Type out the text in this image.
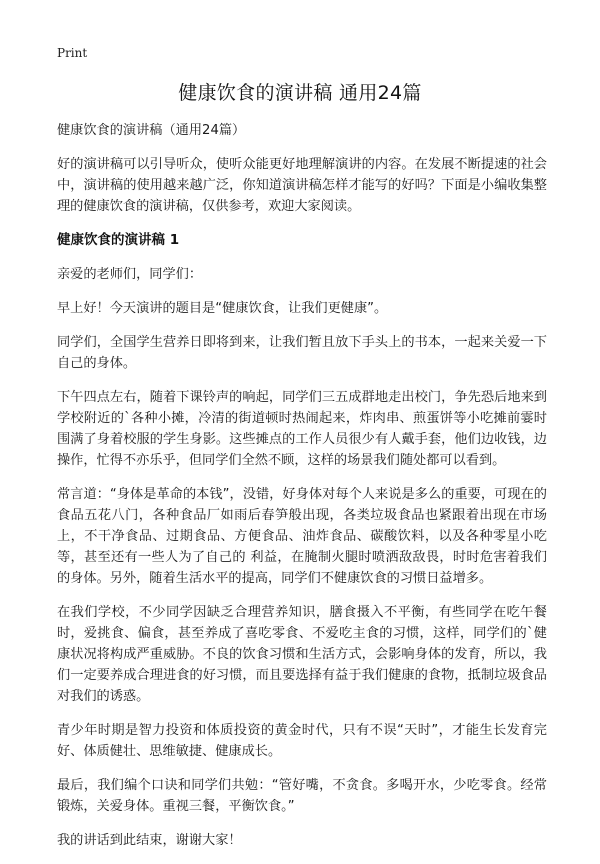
Print
健康饮食的演讲稿 通用24篇

健康饮食的演讲稿（通用24篇）

好的演讲稿可以引导听众，使听众能更好地理解演讲的内容。在发展不断提速的社会中，演讲稿的使用越来越广泛，你知道演讲稿怎样才能写的好吗？下面是小编收集整理的健康饮食的演讲稿，仅供参考，欢迎大家阅读。

健康饮食的演讲稿 1

亲爱的老师们，同学们：

早上好！今天演讲的题目是“健康饮食，让我们更健康”。

同学们，全国学生营养日即将到来，让我们暂且放下手头上的书本，一起来关爱一下自己的身体。

下午四点左右，随着下课铃声的响起，同学们三五成群地走出校门，争先恐后地来到学校附近的`各种小摊，冷清的街道顿时热闹起来，炸肉串、煎蛋饼等小吃摊前霎时围满了身着校服的学生身影。这些摊点的工作人员很少有人戴手套，他们边收钱，边操作，忙得不亦乐乎，但同学们全然不顾，这样的场景我们随处都可以看到。

常言道：“身体是革命的本钱”，没错，好身体对每个人来说是多么的重要，可现在的食品五花八门，各种食品厂如雨后春笋般出现，各类垃圾食品也紧跟着出现在市场上，不干净食品、过期食品、方便食品、油炸食品、碳酸饮料，以及各种零星小吃等，甚至还有一些人为了自己的 利益，在腌制火腿时喷洒敌敌畏，时时危害着我们的身体。另外，随着生活水平的提高，同学们不健康饮食的习惯日益增多。

在我们学校，不少同学因缺乏合理营养知识，膳食摄入不平衡，有些同学在吃午餐时，爱挑食、偏食，甚至养成了喜吃零食、不爱吃主食的习惯，这样，同学们的`健康状况将构成严重威胁。不良的饮食习惯和生活方式，会影响身体的发育，所以，我们一定要养成合理进食的好习惯，而且要选择有益于我们健康的食物，抵制垃圾食品对我们的诱惑。

青少年时期是智力投资和体质投资的黄金时代，只有不误“天时”，才能生长发育完好、体质健壮、思维敏捷、健康成长。

最后，我们编个口诀和同学们共勉：“管好嘴，不贪食。多喝开水，少吃零食。经常锻炼，关爱身体。重视三餐，平衡饮食。”

我的讲话到此结束，谢谢大家！
